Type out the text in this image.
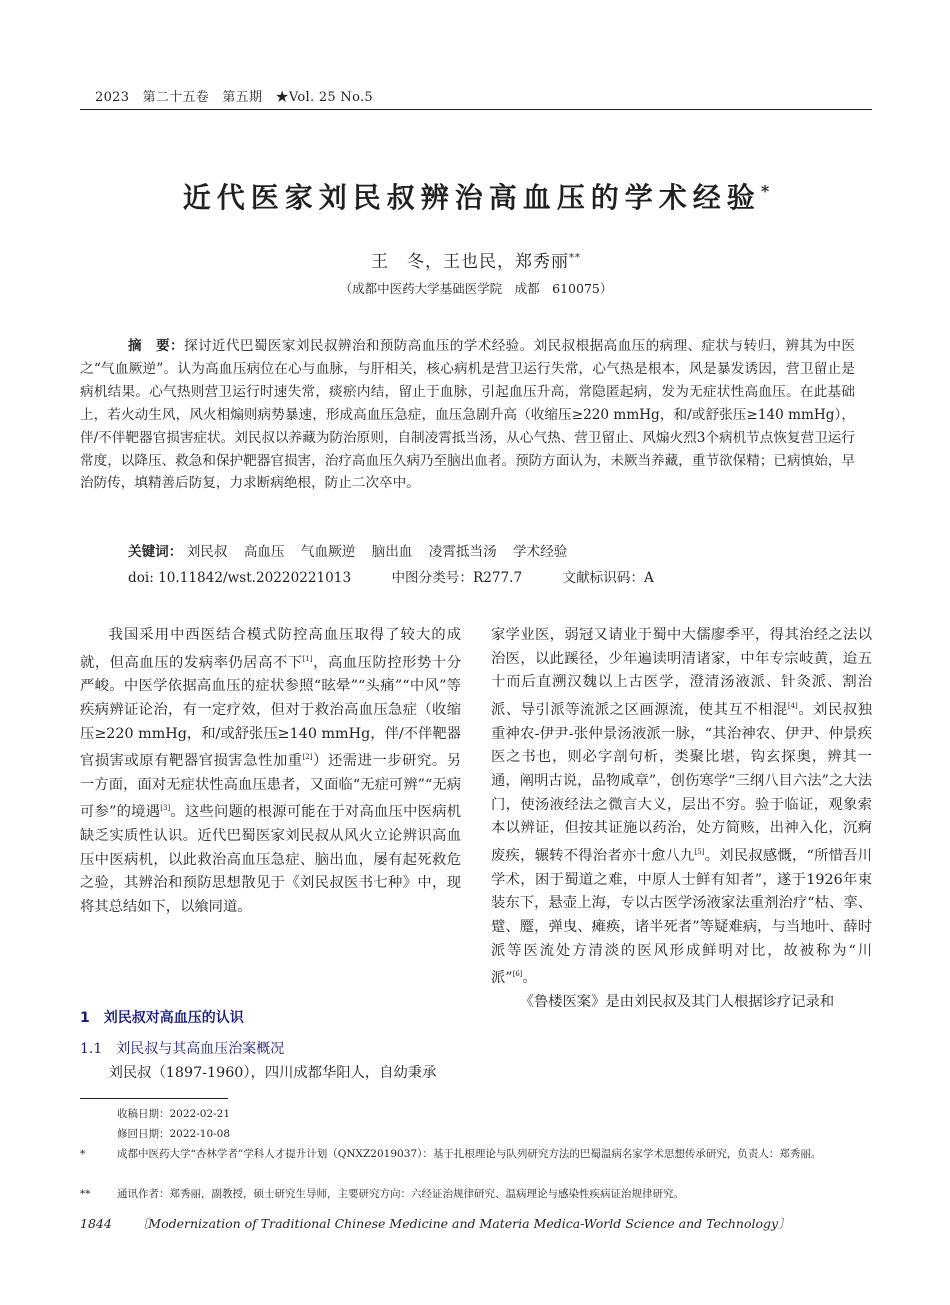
2023　第二十五卷　第五期　★Vol. 25 No.5
近代医家刘民叔辨治高血压的学术经验*
王　冬，王也民，郑秀丽**
（成都中医药大学基础医学院　成都　610075）
摘　要：探讨近代巴蜀医家刘民叔辨治和预防高血压的学术经验。刘民叔根据高血压的病理、症状与转归，辨其为中医之“气血厥逆”。认为高血压病位在心与血脉，与肝相关，核心病机是营卫运行失常，心气热是根本，风是暴发诱因，营卫留止是病机结果。心气热则营卫运行时速失常，痰瘀内结，留止于血脉，引起血压升高，常隐匿起病，发为无症状性高血压。在此基础上，若火动生风，风火相煽则病势暴速，形成高血压急症，血压急剧升高（收缩压≥220 mmHg，和/或舒张压≥140 mmHg），伴/不伴靶器官损害症状。刘民叔以养藏为防治原则，自制凌霄抵当汤，从心气热、营卫留止、风煽火烈3个病机节点恢复营卫运行常度，以降压、救急和保护靶器官损害，治疗高血压久病乃至脑出血者。预防方面认为，未厥当养藏，重节欲保精；已病慎始，早治防传，填精善后防复，力求断病绝根，防止二次卒中。
关键词： 刘民叔 高血压 气血厥逆 脑出血 凌霄抵当汤 学术经验
doi: 10.11842/wst.20220221013	中图分类号：R277.7	文献标识码：A

我国采用中西医结合模式防控高血压取得了较大的成就，但高血压的发病率仍居高不下[1]，高血压防控形势十分严峻。中医学依据高血压的症状参照“眩晕”“头痛”“中风”等疾病辨证论治，有一定疗效，但对于救治高血压急症（收缩压≥220 mmHg，和/或舒张压≥140 mmHg，伴/不伴靶器官损害或原有靶器官损害急性加重[2]）还需进一步研究。另一方面，面对无症状性高血压患者，又面临“无症可辨”“无病可参”的境遇[3]。这些问题的根源可能在于对高血压中医病机缺乏实质性认识。近代巴蜀医家刘民叔从风火立论辨识高血压中医病机，以此救治高血压急症、脑出血，屡有起死救危之验，其辨治和预防思想散见于《刘民叔医书七种》中，现将其总结如下，以飨同道。

1　刘民叔对高血压的认识
1.1　刘民叔与其高血压治案概况

刘民叔（1897-1960），四川成都华阳人，自幼秉承

家学业医，弱冠又请业于蜀中大儒廖季平，得其治经之法以治医，以此蹊径，少年遍读明清诸家，中年专宗岐黄，迨五十而后直溯汉魏以上古医学，澄清汤液派、针灸派、割治派、导引派等流派之区画源流，使其互不相混[4]。刘民叔独重神农-伊尹-张仲景汤液派一脉，“其治神农、伊尹、仲景疾医之书也，则必字剖句析，类聚比堪，钩玄探奥，辨其一通，阐明古说，品物咸章”，创伤寒学“三纲八目六法”之大法门，使汤液经法之微言大义，层出不穷。验于临证，观象索本以辨证，但按其证施以药治，处方简赅，出神入化，沉痾废疾，辗转不得治者亦十愈八九[5]。刘民叔感慨，“所惜吾川学术，困于蜀道之难，中原人士鲜有知者”，遂于1926年束装东下，悬壶上海，专以古医学汤液家法重剂治疗“枯、挛、躄、蹷，弹曳、瘫痪，诸半死者”等疑难病，与当地叶、薛时派等医流处方清淡的医风形成鲜明对比，故被称为“川派”[6]。

《鲁楼医案》是由刘民叔及其门人根据诊疗记录和

收稿日期：2022-02-21
修回日期：2022-10-08
*	成都中医药大学“杏林学者”学科人才提升计划（QNXZ2019037）：基于扎根理论与队列研究方法的巴蜀温病名家学术思想传承研究，负责人：郑秀丽。
**	通讯作者：郑秀丽，副教授，硕士研究生导师，主要研究方向：六经证治规律研究、温病理论与感染性疾病证治规律研究。
1844 〔Modernization of Traditional Chinese Medicine and Materia Medica-World Science and Technology〕
